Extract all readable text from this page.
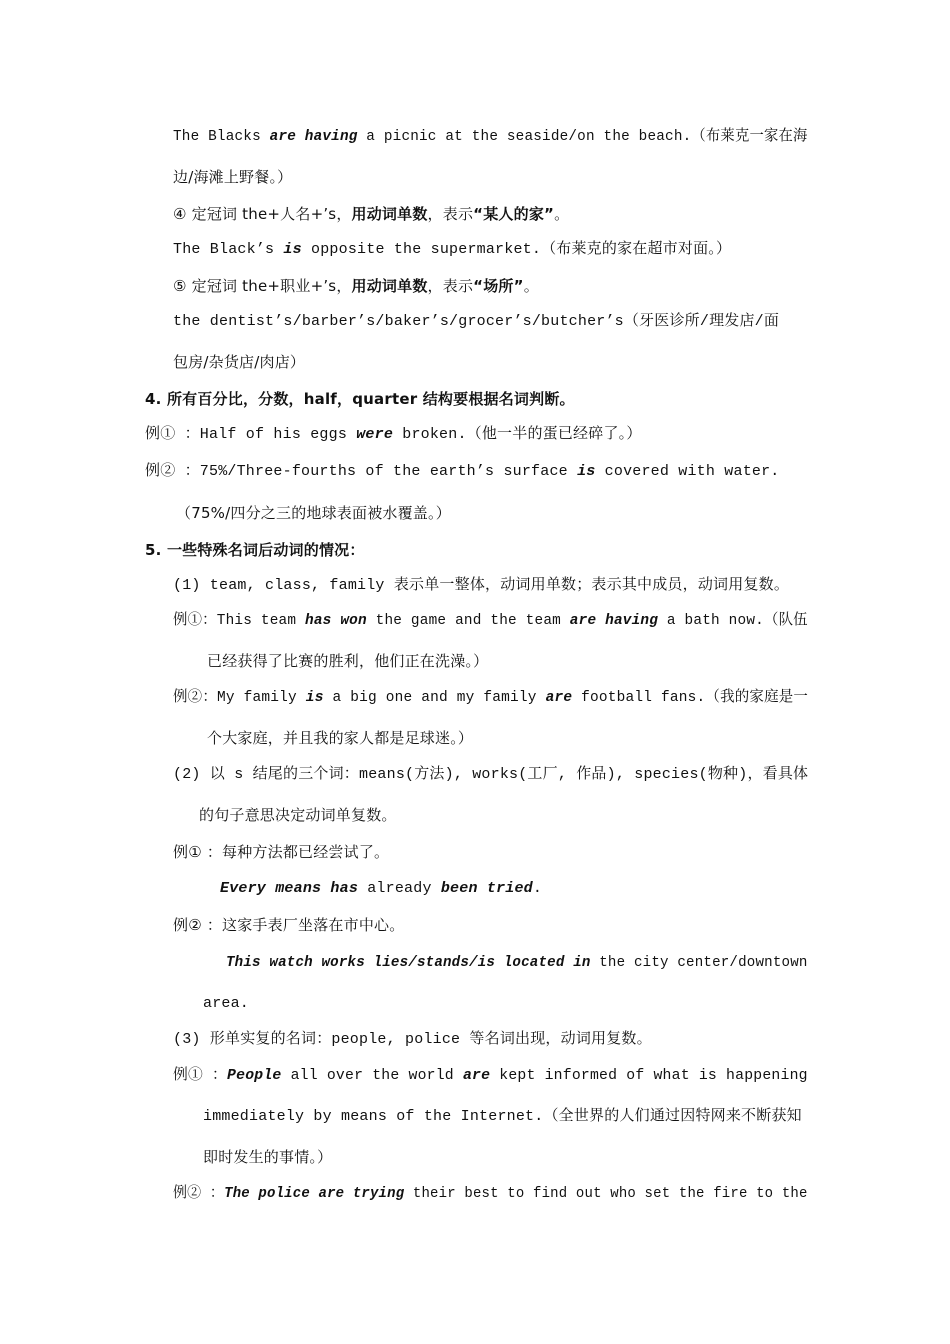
The Blacks are having a picnic at the seaside/on the beach.（布莱克一家在海
边/海滩上野餐。）
④ 定冠词 the+人名+’s，用动词单数，表示“某人的家”。
The Black’s is opposite the supermarket.（布莱克的家在超市对面。）
⑤ 定冠词 the+职业+’s，用动词单数，表示“场所”。
the dentist’s/barber’s/baker’s/grocer’s/butcher’s（牙医诊所/理发店/面
包房/杂货店/肉店）
4. 所有百分比，分数，half，quarter 结构要根据名词判断。
例① ：Half of his eggs were broken.（他一半的蛋已经碎了。）
例② ：75%/Three-fourths of the earth’s surface is covered with water.
（75%/四分之三的地球表面被水覆盖。）
5. 一些特殊名词后动词的情况：
(1) team, class, family 表示单一整体，动词用单数；表示其中成员，动词用复数。
例①：This team has won the game and the team are having a bath now.（队伍
已经获得了比赛的胜利，他们正在洗澡。）
例②：My family is a big one and my family are football fans.（我的家庭是一
个大家庭，并且我的家人都是足球迷。）
(2) 以 s 结尾的三个词：means(方法), works(工厂, 作品), species(物种)，看具体
的句子意思决定动词单复数。
例① ：每种方法都已经尝试了。
Every means has already been tried.
例② ：这家手表厂坐落在市中心。
This watch works lies/stands/is located in the city center/downtown
area.
(3) 形单实复的名词：people, police 等名词出现，动词用复数。
例① ：People all over the world are kept informed of what is happening
immediately by means of the Internet.（全世界的人们通过因特网来不断获知
即时发生的事情。）
例② ：The police are trying their best to find out who set the fire to the
